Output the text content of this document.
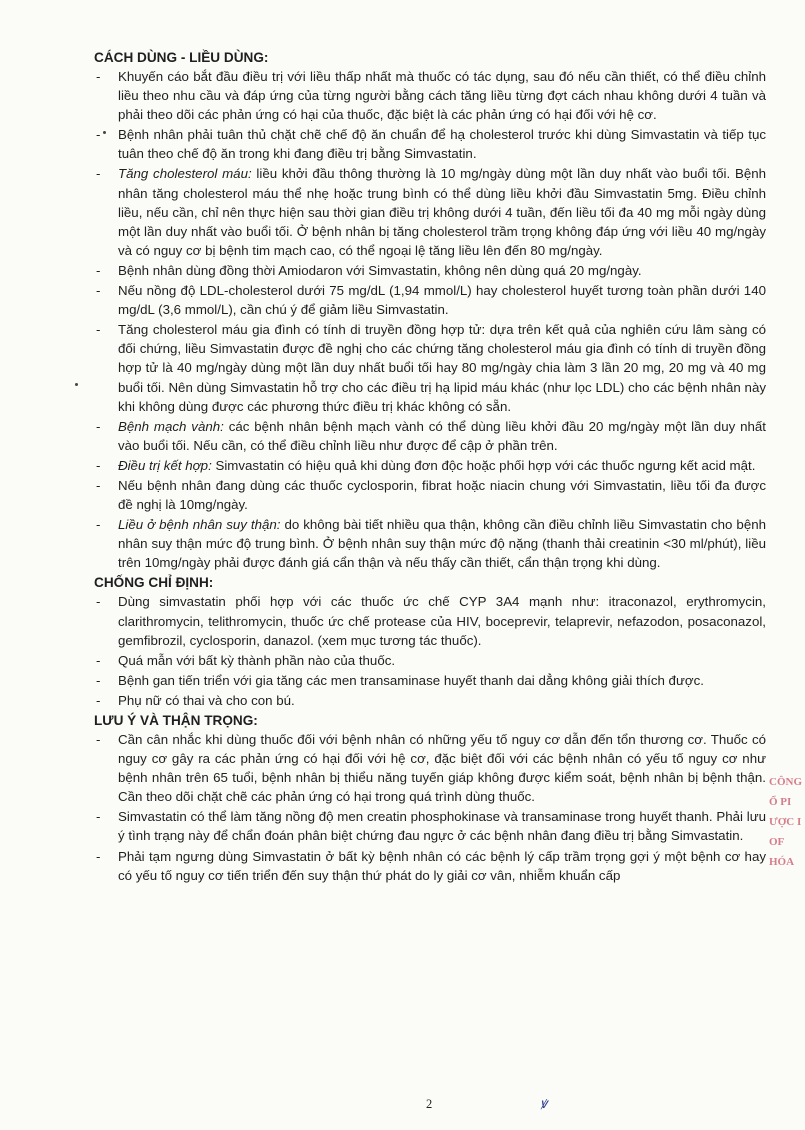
CÁCH DÙNG - LIỀU DÙNG:
- Khuyến cáo bắt đầu điều trị với liều thấp nhất mà thuốc có tác dụng, sau đó nếu cần thiết, có thể điều chỉnh liều theo nhu cầu và đáp ứng của từng người bằng cách tăng liều từng đợt cách nhau không dưới 4 tuần và phải theo dõi các phản ứng có hại của thuốc, đặc biệt là các phản ứng có hại đối với hệ cơ.
- Bệnh nhân phải tuân thủ chặt chẽ chế độ ăn chuẩn để hạ cholesterol trước khi dùng Simvastatin và tiếp tục tuân theo chế độ ăn trong khi đang điều trị bằng Simvastatin.
- Tăng cholesterol máu: liều khởi đầu thông thường là 10 mg/ngày dùng một lần duy nhất vào buổi tối. Bệnh nhân tăng cholesterol máu thể nhẹ hoặc trung bình có thể dùng liều khởi đầu Simvastatin 5mg. Điều chỉnh liều, nếu cần, chỉ nên thực hiện sau thời gian điều trị không dưới 4 tuần, đến liều tối đa 40 mg mỗi ngày dùng một lần duy nhất vào buổi tối. Ở bệnh nhân bị tăng cholesterol trầm trọng không đáp ứng với liều 40 mg/ngày và có nguy cơ bị bệnh tim mạch cao, có thể ngoại lệ tăng liều lên đến 80 mg/ngày.
- Bệnh nhân dùng đồng thời Amiodaron với Simvastatin, không nên dùng quá 20 mg/ngày.
- Nếu nồng độ LDL-cholesterol dưới 75 mg/dL (1,94 mmol/L) hay cholesterol huyết tương toàn phần dưới 140 mg/dL (3,6 mmol/L), cần chú ý để giảm liều Simvastatin.
- Tăng cholesterol máu gia đình có tính di truyền đồng hợp tử: dựa trên kết quả của nghiên cứu lâm sàng có đối chứng, liều Simvastatin được đề nghị cho các chứng tăng cholesterol máu gia đình có tính di truyền đồng hợp tử là 40 mg/ngày dùng một lần duy nhất buổi tối hay 80 mg/ngày chia làm 3 lần 20 mg, 20 mg và 40 mg buổi tối. Nên dùng Simvastatin hỗ trợ cho các điều trị hạ lipid máu khác (như lọc LDL) cho các bệnh nhân này khi không dùng được các phương thức điều trị khác không có sẵn.
- Bệnh mạch vành: các bệnh nhân bệnh mạch vành có thể dùng liều khởi đầu 20 mg/ngày một lần duy nhất vào buổi tối. Nếu cần, có thể điều chỉnh liều như được để cập ở phần trên.
- Điều trị kết hợp: Simvastatin có hiệu quả khi dùng đơn độc hoặc phối hợp với các thuốc ngưng kết acid mật.
- Nếu bệnh nhân đang dùng các thuốc cyclosporin, fibrat hoặc niacin chung với Simvastatin, liều tối đa được đề nghị là 10mg/ngày.
- Liều ở bệnh nhân suy thận: do không bài tiết nhiều qua thận, không cần điều chỉnh liều Simvastatin cho bệnh nhân suy thận mức độ trung bình. Ở bệnh nhân suy thận mức độ nặng (thanh thải creatinin <30 ml/phút), liều trên 10mg/ngày phải được đánh giá cẩn thận và nếu thấy cần thiết, cẩn thận trọng khi dùng.
CHỐNG CHỈ ĐỊNH:
- Dùng simvastatin phối hợp với các thuốc ức chế CYP 3A4 mạnh như: itraconazol, erythromycin, clarithromycin, telithromycin, thuốc ức chế protease của HIV, boceprevir, telaprevir, nefazodon, posaconazol, gemfibrozil, cyclosporin, danazol. (xem mục tương tác thuốc).
- Quá mẫn với bất kỳ thành phần nào của thuốc.
- Bệnh gan tiến triển với gia tăng các men transaminase huyết thanh dai dẳng không giải thích được.
- Phụ nữ có thai và cho con bú.
LƯU Ý VÀ THẬN TRỌNG:
- Cần cân nhắc khi dùng thuốc đối với bệnh nhân có những yếu tố nguy cơ dẫn đến tổn thương cơ. Thuốc có nguy cơ gây ra các phản ứng có hại đối với hệ cơ, đặc biệt đối với các bệnh nhân có yếu tố nguy cơ như bệnh nhân trên 65 tuổi, bệnh nhân bị thiểu năng tuyến giáp không được kiểm soát, bệnh nhân bị bệnh thận. Cần theo dõi chặt chẽ các phản ứng có hại trong quá trình dùng thuốc.
- Simvastatin có thể làm tăng nồng độ men creatin phosphokinase và transaminase trong huyết thanh. Phải lưu ý tình trạng này để chẩn đoán phân biệt chứng đau ngực ở các bệnh nhân đang điều trị bằng Simvastatin.
- Phải tạm ngưng dùng Simvastatin ở bất kỳ bệnh nhân có các bệnh lý cấp trầm trọng gợi ý một bệnh cơ hay có yếu tố nguy cơ tiến triển đến suy thận thứ phát do ly giải cơ vân, nhiễm khuẩn cấp
CÔNG
Ổ PI
ƯỢC I
OF
HÓA
2	ꝟ
